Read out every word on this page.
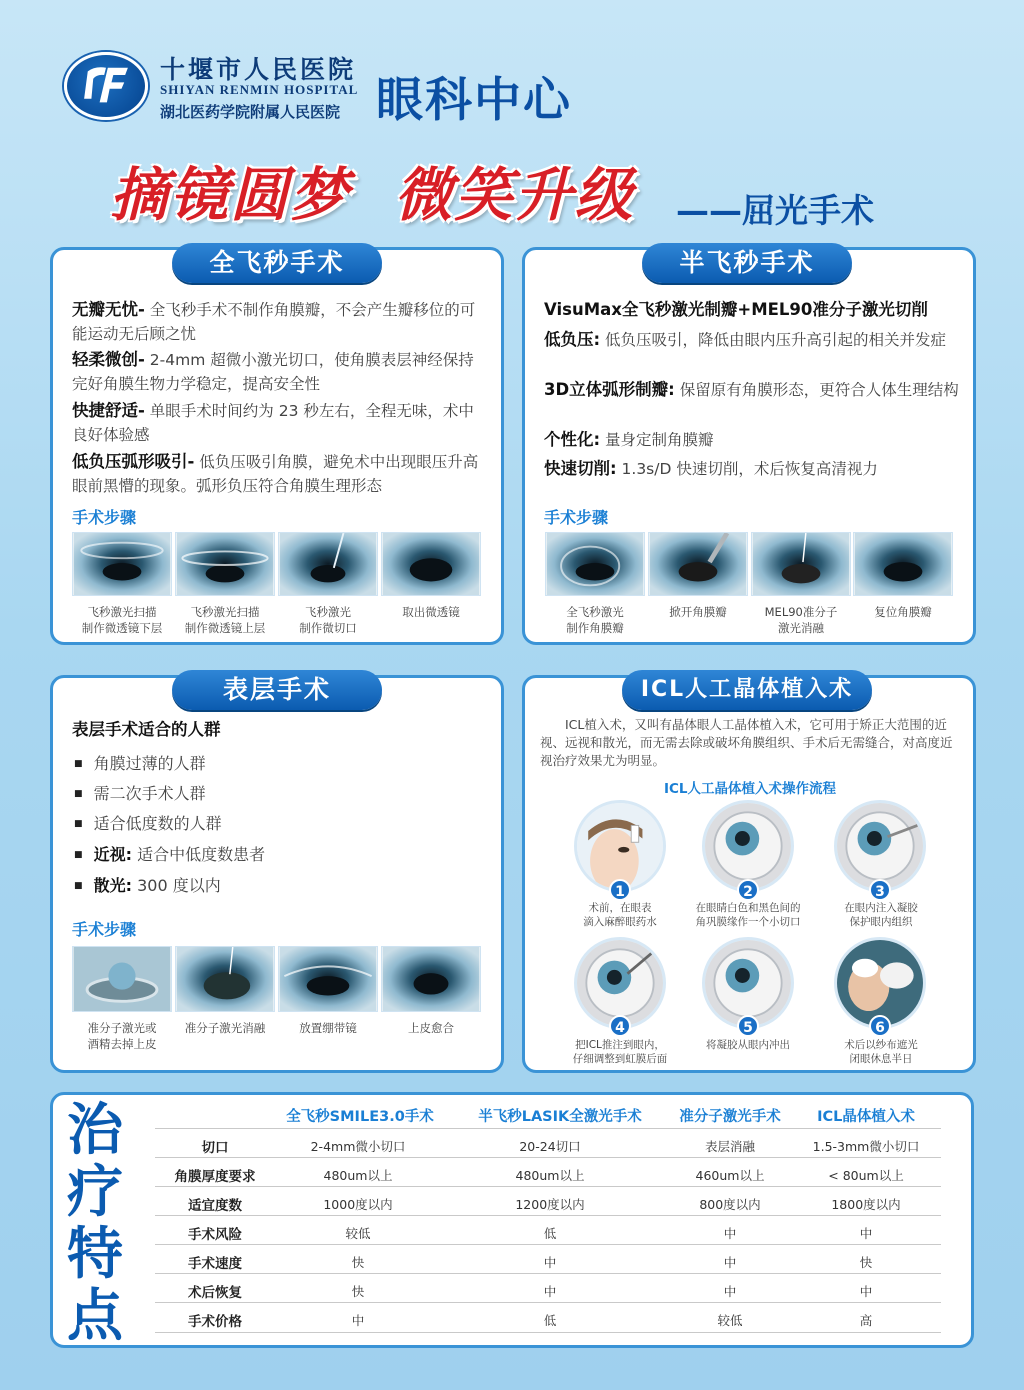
十堰市人民医院
SHIYAN RENMIN HOSPITAL
湖北医药学院附属人民医院 眼科中心
摘镜圆梦  微笑升级 ——屈光手术
全飞秒手术
无瓣无忧- 全飞秒手术不制作角膜瓣，不会产生瓣移位的可能运动无后顾之忧
轻柔微创- 2-4mm 超微小激光切口，使角膜表层神经保持完好角膜生物力学稳定，提高安全性
快捷舒适- 单眼手术时间约为 23 秒左右，全程无味，术中良好体验感
低负压弧形吸引- 低负压吸引角膜，避免术中出现眼压升高眼前黑懵的现象。弧形负压符合角膜生理形态
手术步骤
飞秒激光扫描
制作微透镜下层
飞秒激光扫描
制作微透镜上层
飞秒激光
制作微切口
取出微透镜
半飞秒手术
VisuMax全飞秒激光制瓣+MEL90准分子激光切削
低负压: 低负压吸引，降低由眼内压升高引起的相关并发症
3D立体弧形制瓣: 保留原有角膜形态，更符合人体生理结构
个性化: 量身定制角膜瓣
快速切削: 1.3s/D 快速切削，术后恢复高清视力
手术步骤
全飞秒激光
制作角膜瓣
掀开角膜瓣	MEL90准分子
激光消融
复位角膜瓣
表层手术
表层手术适合的人群
■ 角膜过薄的人群
■ 需二次手术人群
■ 适合低度数的人群
■ 近视: 适合中低度数患者
■ 散光: 300 度以内
手术步骤
准分子激光或
酒精去掉上皮
准分子激光消融	放置绷带镜	上皮愈合
ICL人工晶体植入术
ICL植入术，又叫有晶体眼人工晶体植入术，它可用于矫正大范围的近视、远视和散光，而无需去除或破坏角膜组织、手术后无需缝合，对高度近视治疗效果尤为明显。
ICL人工晶体植入术操作流程
1	2	3
术前，在眼表
滴入麻醉眼药水
在眼睛白色和黑色间的
角巩膜缘作一个小切口
在眼内注入凝胶
保护眼内组织
4	5	6
把ICL推注到眼内，
仔细调整到虹膜后面
将凝胶从眼内冲出	术后以纱布遮光
闭眼休息半日
治
疗
特
点
全飞秒SMILE3.0手术	半飞秒LASIK全激光手术	准分子激光手术	ICL晶体植入术
切口	2-4mm微小切口	20-24切口	表层消融	1.5-3mm微小切口
角膜厚度要求	480um以上	480um以上	460um以上	< 80um以上
适宜度数	1000度以内	1200度以内	800度以内	1800度以内
手术风险	较低	低	中	中
手术速度	快	中	中	快
术后恢复	快	中	中	中
手术价格	中	低	较低	高
